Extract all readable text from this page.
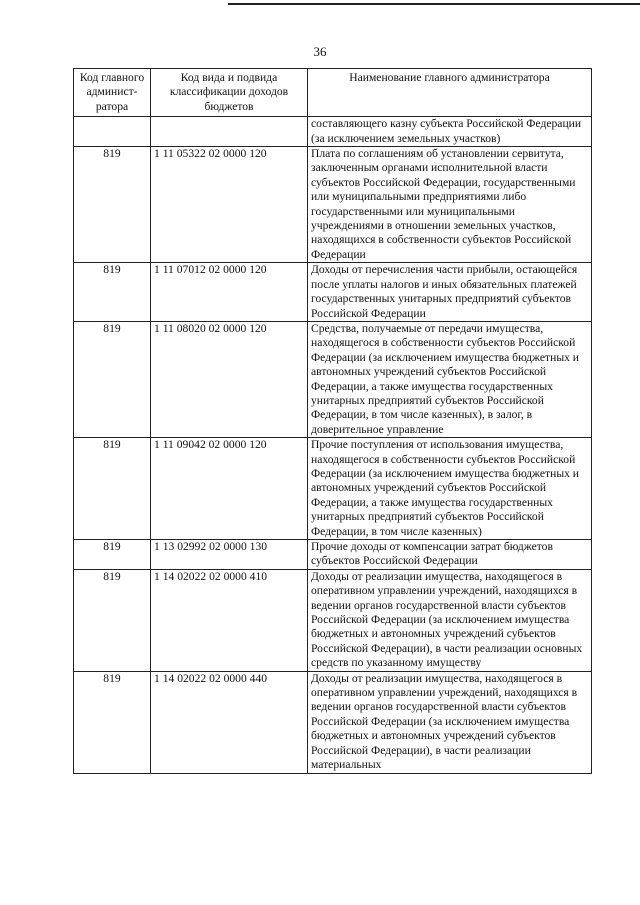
36
Код главного админист-ратора	Код вида и подвида классификации доходов бюджетов	Наименование главного администратора
		составляющего казну субъекта Российской Федерации (за исключением земельных участков)
819	1 11 05322 02 0000 120	Плата по соглашениям об установлении сервитута, заключенным органами исполнительной власти субъектов Российской Федерации, государственными или муниципальными предприятиями либо государственными или муниципальными учреждениями в отношении земельных участков, находящихся в собственности субъектов Российской Федерации
819	1 11 07012 02 0000 120	Доходы от перечисления части прибыли, остающейся после уплаты налогов и иных обязательных платежей государственных унитарных предприятий субъектов Российской Федерации
819	1 11 08020 02 0000 120	Средства, получаемые от передачи имущества, находящегося в собственности субъектов Российской Федерации (за исключением имущества бюджетных и автономных учреждений субъектов Российской Федерации, а также имущества государственных унитарных предприятий субъектов Российской Федерации, в том числе казенных), в залог, в доверительное управление
819	1 11 09042 02 0000 120	Прочие поступления от использования имущества, находящегося в собственности субъектов Российской Федерации (за исключением имущества бюджетных и автономных учреждений субъектов Российской Федерации, а также имущества государственных унитарных предприятий субъектов Российской Федерации, в том числе казенных)
819	1 13 02992 02 0000 130	Прочие доходы от компенсации затрат бюджетов субъектов Российской Федерации
819	1 14 02022 02 0000 410	Доходы от реализации имущества, находящегося в оперативном управлении учреждений, находящихся в ведении органов государственной власти субъектов Российской Федерации (за исключением имущества бюджетных и автономных учреждений субъектов Российской Федерации), в части реализации основных средств по указанному имуществу
819	1 14 02022 02 0000 440	Доходы от реализации имущества, находящегося в оперативном управлении учреждений, находящихся в ведении органов государственной власти субъектов Российской Федерации (за исключением имущества бюджетных и автономных учреждений субъектов Российской Федерации), в части реализации материальных
